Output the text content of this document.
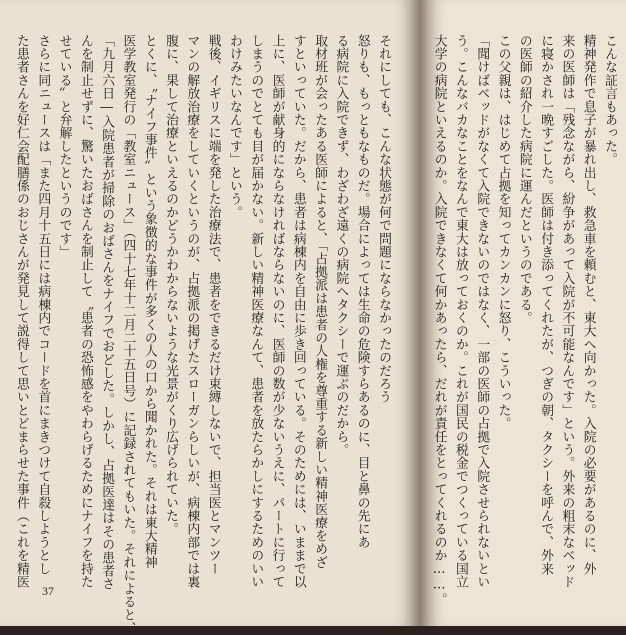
それにしても、こんな状態が何で問題にならなかったのだろう
怒りも、もっともなものだ。場合によっては生命の危険すらあるのに、目と鼻の先にあ
る病院に入院できず、わざわざ遠くの病院へタクシーで運ぶのだから。
取材班が会ったある医師によると、「占拠派は患者の人権を尊重する新しい精神医療をめざ
すといっていた。だから、患者は病棟内を自由に歩き回っている。そのためには、いままで以
上に、医師が献身的にならなければならないのに、医師の数が少ないうえに、パートに行って
しまうのでとても目が届かない。新しい精神医療なんて、患者を放たらかしにするためのいい
わけみたいなんです」という。
戦後、イギリスに端を発した治療法で、患者をできるだけ束縛しないで、担当医とマンツー
マンの解放治療をしていくというのが、占拠派の掲げたスローガンらしいが、病棟内部では裏
腹に、果して治療といえるのかどうかわからないような光景がくり広げられていた。
とくに、〝ナイフ事件〟という象徴的な事件が多くの人の口から聞かれた。それは東大精神
医学教室発行の「教室ニュース」（四十七年十二月二十五日号）に記録されてもいた。それによると、
「九月六日―入院患者が掃除のおばさんをナイフでおどした。しかし、占拠医達はその患者さ
んを制止せずに、驚いたおばさんを制止して〝患者の恐怖感をやわらげるためにナイフを持た
せている〟と弁解したというのです」
さらに同ニュースは「また四月十五日には病棟内でコードを首にまきつけて自殺しようとし
た患者さんを好仁会配膳係のおじさんが発見して説得して思いとどまらせた事件（これを精医
37
こんな証言もあった。
精神発作で息子が暴れ出し、救急車を頼むと、東大へ向かった。入院の必要があるのに、外
来の医師は「残念ながら、紛争があって入院が不可能なんです」という。外来の粗末なベッド
に寝かされ一晩すごした。医師は付き添ってくれたが、つぎの朝、タクシーを呼んで、外来
の医師の紹介した病院に運んだというのである。
この父親は、はじめて占拠を知ってカンカンに怒り、こういった。
「聞けばベッドがなくて入院できないのではなく、一部の医師の占拠で入院させられないとい
う。こんなバカなことをなんで東大は放っておくのか。これが国民の税金でつくっている国立
大学の病院といえるのか。入院できなくて何かあったら、だれが責任をとってくれるのか……。
